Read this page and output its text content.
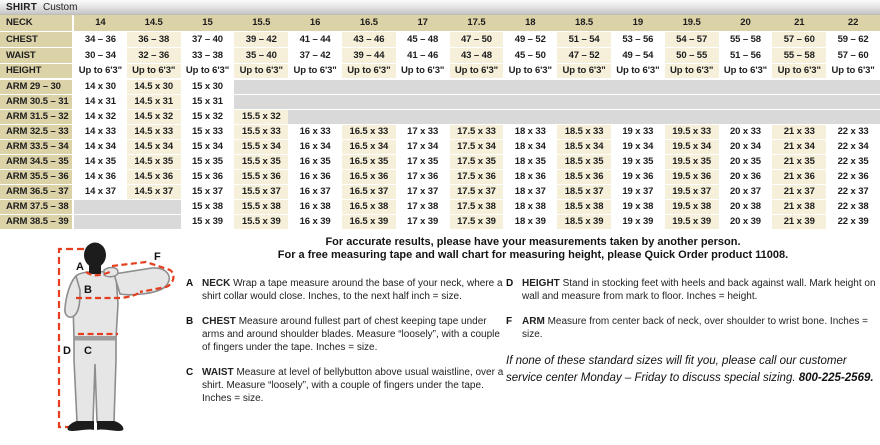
SHIRT Custom
NECK	14	14.5	15	15.5	16	16.5	17	17.5	18	18.5	19	19.5	20	21	22
CHEST	34 – 36	36 – 38	37 – 40	39 – 42	41 – 44	43 – 46	45 – 48	47 – 50	49 – 52	51 – 54	53 – 56	54 – 57	55 – 58	57 – 60	59 – 62
WAIST	30 – 34	32 – 36	33 – 38	35 – 40	37 – 42	39 – 44	41 – 46	43 – 48	45 – 50	47 – 52	49 – 54	50 – 55	51 – 56	55 – 58	57 – 60
HEIGHT	Up to 6'3"	Up to 6'3"	Up to 6'3"	Up to 6'3"	Up to 6'3"	Up to 6'3"	Up to 6'3"	Up to 6'3"	Up to 6'3"	Up to 6'3"	Up to 6'3"	Up to 6'3"	Up to 6'3"	Up to 6'3"	Up to 6'3"
ARM 29 – 30	14 x 30	14.5 x 30	15 x 30												
ARM 30.5 – 31	14 x 31	14.5 x 31	15 x 31												
ARM 31.5 – 32	14 x 32	14.5 x 32	15 x 32	15.5 x 32											
ARM 32.5 – 33	14 x 33	14.5 x 33	15 x 33	15.5 x 33	16 x 33	16.5 x 33	17 x 33	17.5 x 33	18 x 33	18.5 x 33	19 x 33	19.5 x 33	20 x 33	21 x 33	22 x 33
ARM 33.5 – 34	14 x 34	14.5 x 34	15 x 34	15.5 x 34	16 x 34	16.5 x 34	17 x 34	17.5 x 34	18 x 34	18.5 x 34	19 x 34	19.5 x 34	20 x 34	21 x 34	22 x 34
ARM 34.5 – 35	14 x 35	14.5 x 35	15 x 35	15.5 x 35	16 x 35	16.5 x 35	17 x 35	17.5 x 35	18 x 35	18.5 x 35	19 x 35	19.5 x 35	20 x 35	21 x 35	22 x 35
ARM 35.5 – 36	14 x 36	14.5 x 36	15 x 36	15.5 x 36	16 x 36	16.5 x 36	17 x 36	17.5 x 36	18 x 36	18.5 x 36	19 x 36	19.5 x 36	20 x 36	21 x 36	22 x 36
ARM 36.5 – 37	14 x 37	14.5 x 37	15 x 37	15.5 x 37	16 x 37	16.5 x 37	17 x 37	17.5 x 37	18 x 37	18.5 x 37	19 x 37	19.5 x 37	20 x 37	21 x 37	22 x 37
ARM 37.5 – 38			15 x 38	15.5 x 38	16 x 38	16.5 x 38	17 x 38	17.5 x 38	18 x 38	18.5 x 38	19 x 38	19.5 x 38	20 x 38	21 x 38	22 x 38
ARM 38.5 – 39			15 x 39	15.5 x 39	16 x 39	16.5 x 39	17 x 39	17.5 x 39	18 x 39	18.5 x 39	19 x 39	19.5 x 39	20 x 39	21 x 39	22 x 39
For accurate results, please have your measurements taken by another person.
For a free measuring tape and wall chart for measuring height, please Quick Order product 11008.
A
B
C
D
F
A NECK Wrap a tape measure around the base of your neck, where a shirt collar would close. Inches, to the next half inch = size.
B CHEST Measure around fullest part of chest keeping tape under arms and around shoulder blades. Measure “loosely”, with a couple of fingers under the tape. Inches = size.
C WAIST Measure at level of bellybutton above usual waistline, over a shirt. Measure “loosely”, with a couple of fingers under the tape. Inches = size.
D HEIGHT Stand in stocking feet with heels and back against wall. Mark height on wall and measure from mark to floor. Inches = height.
F ARM Measure from center back of neck, over shoulder to wrist bone. Inches = size.
If none of these standard sizes will fit you, please call our customer service center Monday – Friday to discuss special sizing. 800-225-2569.
